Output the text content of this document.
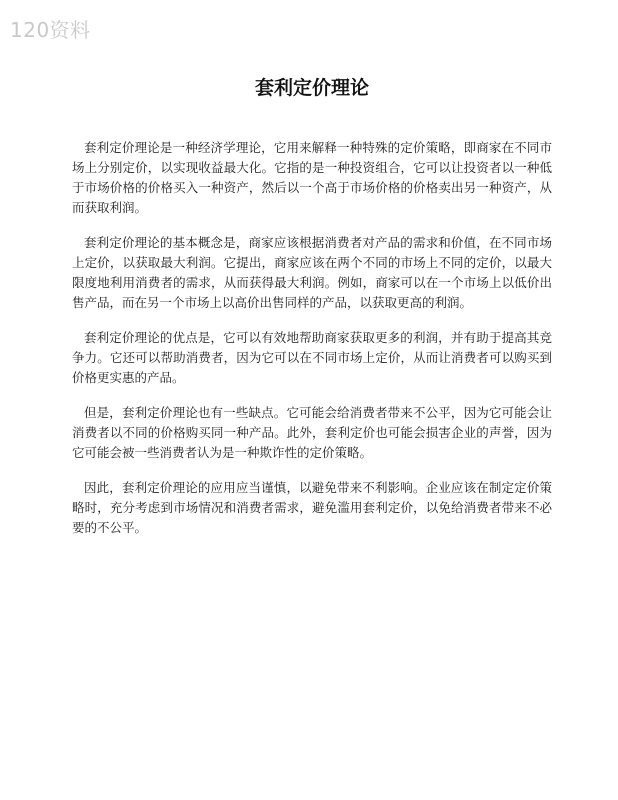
120资料
套利定价理论

套利定价理论是一种经济学理论，它用来解释一种特殊的定价策略，即商家在不同市场上分别定价，以实现收益最大化。它指的是一种投资组合，它可以让投资者以一种低于市场价格的价格买入一种资产，然后以一个高于市场价格的价格卖出另一种资产，从而获取利润。

套利定价理论的基本概念是，商家应该根据消费者对产品的需求和价值，在不同市场上定价，以获取最大利润。它提出，商家应该在两个不同的市场上不同的定价，以最大限度地利用消费者的需求，从而获得最大利润。例如，商家可以在一个市场上以低价出售产品，而在另一个市场上以高价出售同样的产品，以获取更高的利润。

套利定价理论的优点是，它可以有效地帮助商家获取更多的利润，并有助于提高其竞争力。它还可以帮助消费者，因为它可以在不同市场上定价，从而让消费者可以购买到价格更实惠的产品。

但是，套利定价理论也有一些缺点。它可能会给消费者带来不公平，因为它可能会让消费者以不同的价格购买同一种产品。此外，套利定价也可能会损害企业的声誉，因为它可能会被一些消费者认为是一种欺诈性的定价策略。

因此，套利定价理论的应用应当谨慎，以避免带来不利影响。企业应该在制定定价策略时，充分考虑到市场情况和消费者需求，避免滥用套利定价，以免给消费者带来不必要的不公平。
